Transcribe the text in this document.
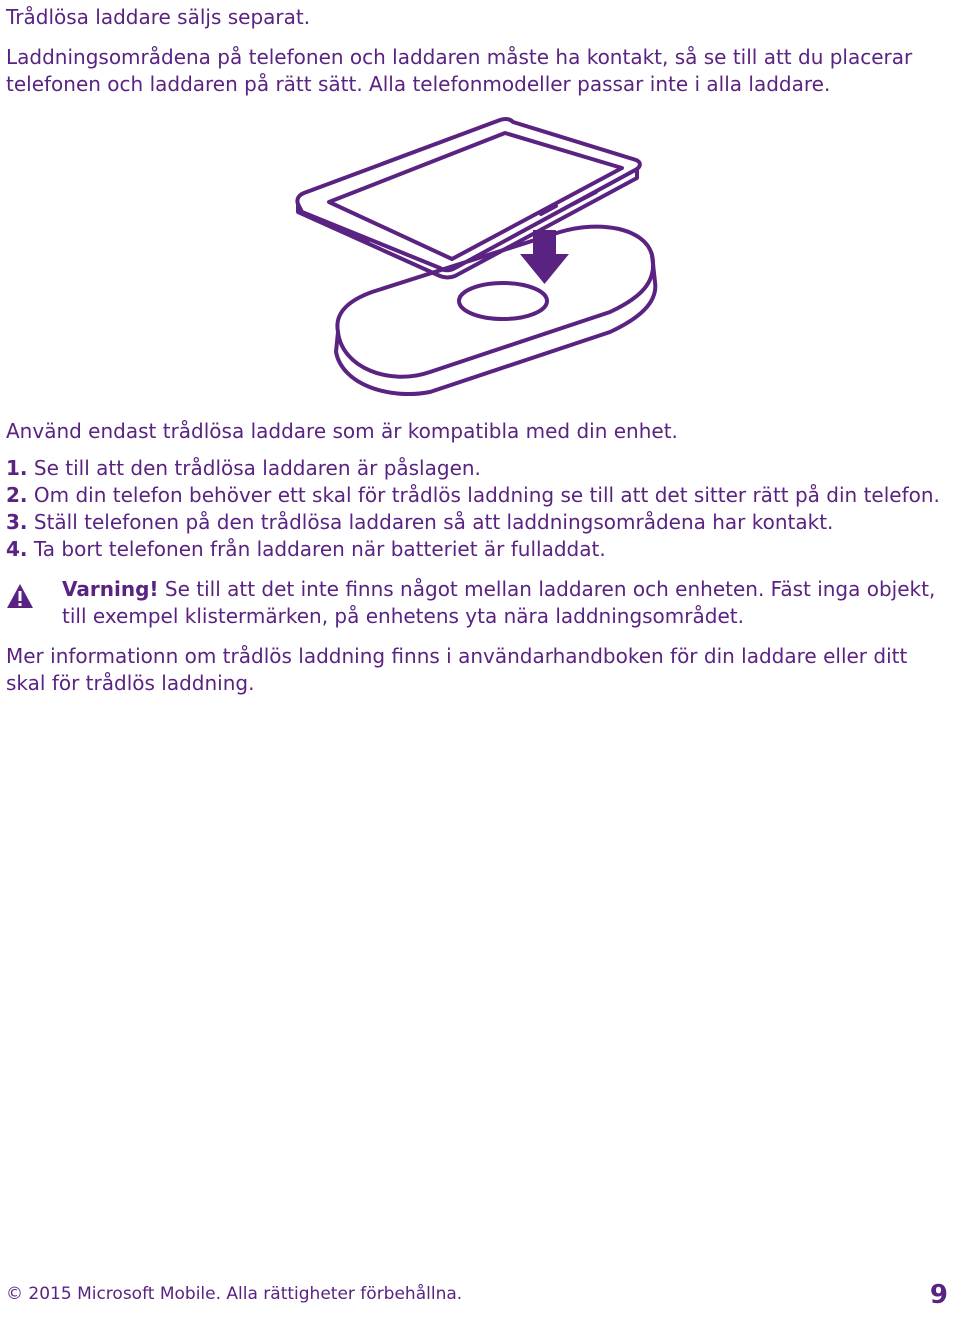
Trådlösa laddare säljs separat.

Laddningsområdena på telefonen och laddaren måste ha kontakt, så se till att du placerar

telefonen och laddaren på rätt sätt. Alla telefonmodeller passar inte i alla laddare.

Använd endast trådlösa laddare som är kompatibla med din enhet.

1. Se till att den trådlösa laddaren är påslagen.

2. Om din telefon behöver ett skal för trådlös laddning se till att det sitter rätt på din telefon.

3. Ställ telefonen på den trådlösa laddaren så att laddningsområdena har kontakt.

4. Ta bort telefonen från laddaren när batteriet är fulladdat.

Varning! Se till att det inte finns något mellan laddaren och enheten. Fäst inga objekt,

till exempel klistermärken, på enhetens yta nära laddningsområdet.

Mer informationn om trådlös laddning finns i användarhandboken för din laddare eller ditt

skal för trådlös laddning.

© 2015 Microsoft Mobile. Alla rättigheter förbehållna.	9
